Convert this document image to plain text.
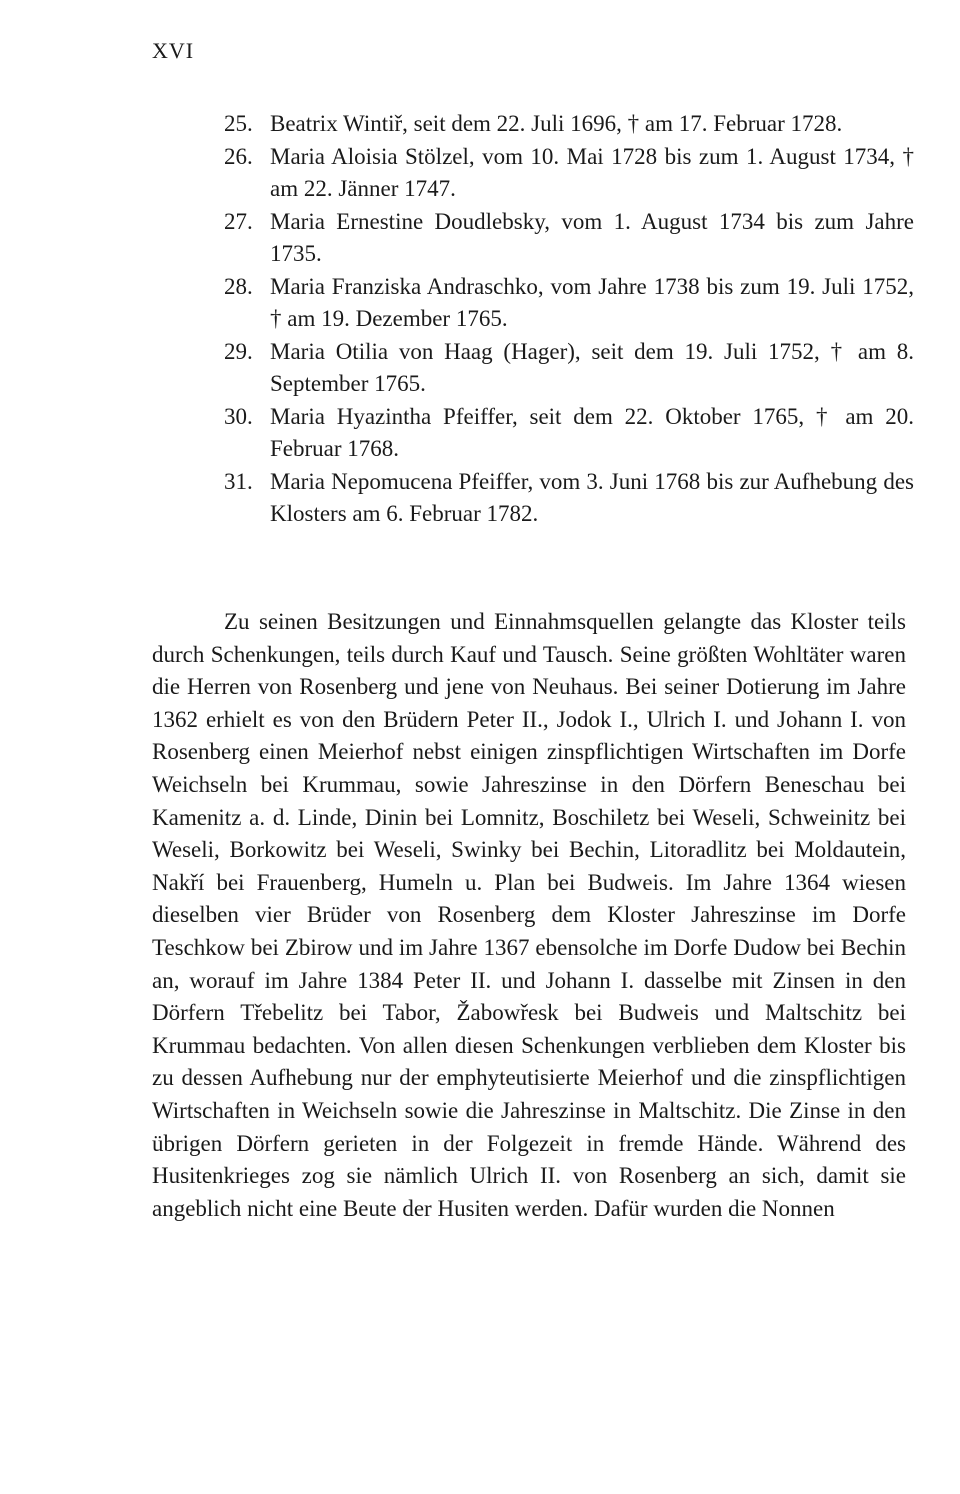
XVI
25. Beatrix Wintiř, seit dem 22. Juli 1696, † am 17. Februar 1728.
26. Maria Aloisia Stölzel, vom 10. Mai 1728 bis zum 1. August 1734, † am 22. Jänner 1747.
27. Maria Ernestine Doudlebsky, vom 1. August 1734 bis zum Jahre 1735.
28. Maria Franziska Andraschko, vom Jahre 1738 bis zum 19. Juli 1752, † am 19. Dezember 1765.
29. Maria Otilia von Haag (Hager), seit dem 19. Juli 1752, † am 8. September 1765.
30. Maria Hyazintha Pfeiffer, seit dem 22. Oktober 1765, † am 20. Februar 1768.
31. Maria Nepomucena Pfeiffer, vom 3. Juni 1768 bis zur Aufhebung des Klosters am 6. Februar 1782.

Zu seinen Besitzungen und Einnahmsquellen gelangte das Kloster teils durch Schenkungen, teils durch Kauf und Tausch. Seine größten Wohltäter waren die Herren von Rosenberg und jene von Neuhaus. Bei seiner Dotierung im Jahre 1362 erhielt es von den Brüdern Peter II., Jodok I., Ulrich I. und Johann I. von Rosenberg einen Meierhof nebst einigen zinspflichtigen Wirtschaften im Dorfe Weichseln bei Krummau, sowie Jahreszinse in den Dörfern Beneschau bei Kamenitz a. d. Linde, Dinin bei Lomnitz, Boschiletz bei Weseli, Schweinitz bei Weseli, Borkowitz bei Weseli, Swinky bei Bechin, Litoradlitz bei Moldautein, Nakří bei Frauenberg, Humeln u. Plan bei Budweis. Im Jahre 1364 wiesen dieselben vier Brüder von Rosenberg dem Kloster Jahreszinse im Dorfe Teschkow bei Zbirow und im Jahre 1367 ebensolche im Dorfe Dudow bei Bechin an, worauf im Jahre 1384 Peter II. und Johann I. dasselbe mit Zinsen in den Dörfern Třebelitz bei Tabor, Žabowřesk bei Budweis und Maltschitz bei Krummau bedachten. Von allen diesen Schenkungen verblieben dem Kloster bis zu dessen Aufhebung nur der emphyteutisierte Meierhof und die zinspflichtigen Wirtschaften in Weichseln sowie die Jahreszinse in Maltschitz. Die Zinse in den übrigen Dörfern gerieten in der Folgezeit in fremde Hände. Während des Husitenkrieges zog sie nämlich Ulrich II. von Rosenberg an sich, damit sie angeblich nicht eine Beute der Husiten werden. Dafür wurden die Nonnen
